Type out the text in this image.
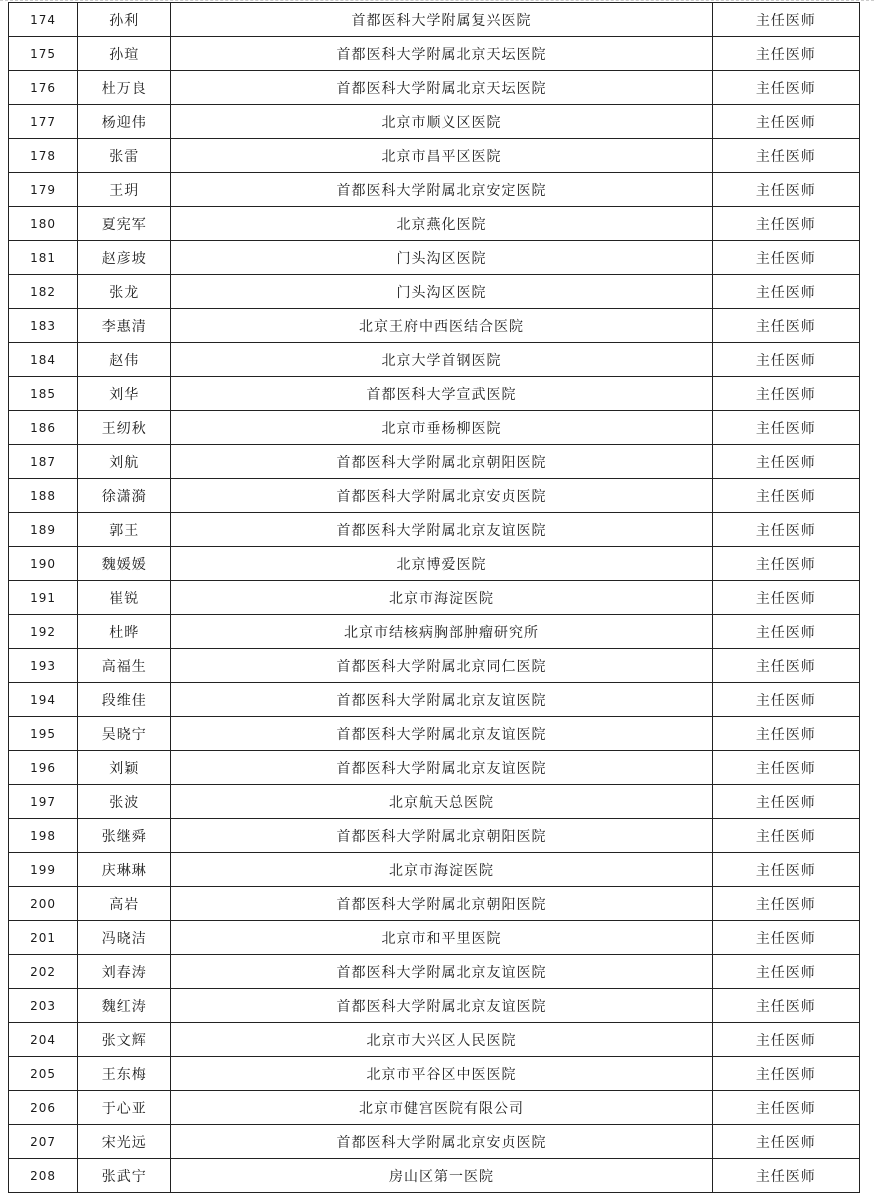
174	孙利	首都医科大学附属复兴医院	主任医师
175	孙瑄	首都医科大学附属北京天坛医院	主任医师
176	杜万良	首都医科大学附属北京天坛医院	主任医师
177	杨迎伟	北京市顺义区医院	主任医师
178	张雷	北京市昌平区医院	主任医师
179	王玥	首都医科大学附属北京安定医院	主任医师
180	夏宪军	北京燕化医院	主任医师
181	赵彦坡	门头沟区医院	主任医师
182	张龙	门头沟区医院	主任医师
183	李惠清	北京王府中西医结合医院	主任医师
184	赵伟	北京大学首钢医院	主任医师
185	刘华	首都医科大学宣武医院	主任医师
186	王纫秋	北京市垂杨柳医院	主任医师
187	刘航	首都医科大学附属北京朝阳医院	主任医师
188	徐潇漪	首都医科大学附属北京安贞医院	主任医师
189	郭王	首都医科大学附属北京友谊医院	主任医师
190	魏媛媛	北京博爱医院	主任医师
191	崔锐	北京市海淀医院	主任医师
192	杜晔	北京市结核病胸部肿瘤研究所	主任医师
193	高福生	首都医科大学附属北京同仁医院	主任医师
194	段维佳	首都医科大学附属北京友谊医院	主任医师
195	吴晓宁	首都医科大学附属北京友谊医院	主任医师
196	刘颖	首都医科大学附属北京友谊医院	主任医师
197	张波	北京航天总医院	主任医师
198	张继舜	首都医科大学附属北京朝阳医院	主任医师
199	庆琳琳	北京市海淀医院	主任医师
200	高岩	首都医科大学附属北京朝阳医院	主任医师
201	冯晓洁	北京市和平里医院	主任医师
202	刘春涛	首都医科大学附属北京友谊医院	主任医师
203	魏红涛	首都医科大学附属北京友谊医院	主任医师
204	张文辉	北京市大兴区人民医院	主任医师
205	王东梅	北京市平谷区中医医院	主任医师
206	于心亚	北京市健宫医院有限公司	主任医师
207	宋光远	首都医科大学附属北京安贞医院	主任医师
208	张武宁	房山区第一医院	主任医师
